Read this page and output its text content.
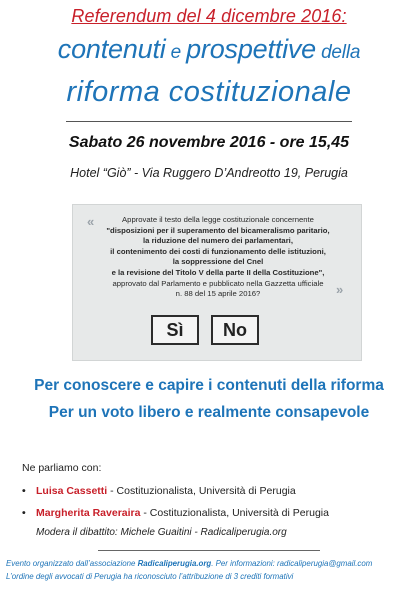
Referendum del 4 dicembre 2016:
contenuti e prospettive della
riforma costituzionale
Sabato 26 novembre 2016 - ore 15,45
Hotel “Giò” - Via Ruggero D’Andreotto 19, Perugia
«	Approvate il testo della legge costituzionale concernente
"disposizioni per il superamento del bicameralismo paritario,
la riduzione del numero dei parlamentari,
il contenimento dei costi di funzionamento delle istituzioni,
la soppressione del Cnel
e la revisione del Titolo V della parte II della Costituzione",
approvato dal Parlamento e pubblicato nella Gazzetta ufficiale
n. 88 del 15 aprile 2016?	»
Sì	No
Per conoscere e capire i contenuti della riforma
Per un voto libero e realmente consapevole
Ne parliamo con:
• Luisa Cassetti - Costituzionalista, Università di Perugia
• Margherita Raveraira - Costituzionalista, Università di Perugia
Modera il dibattito: Michele Guaitini - Radicaliperugia.org
Evento organizzato dall’associazione Radicaliperugia.org. Per informazioni: radicaliperugia@gmail.com
L’ordine degli avvocati di Perugia ha riconosciuto l’attribuzione di 3 crediti formativi
